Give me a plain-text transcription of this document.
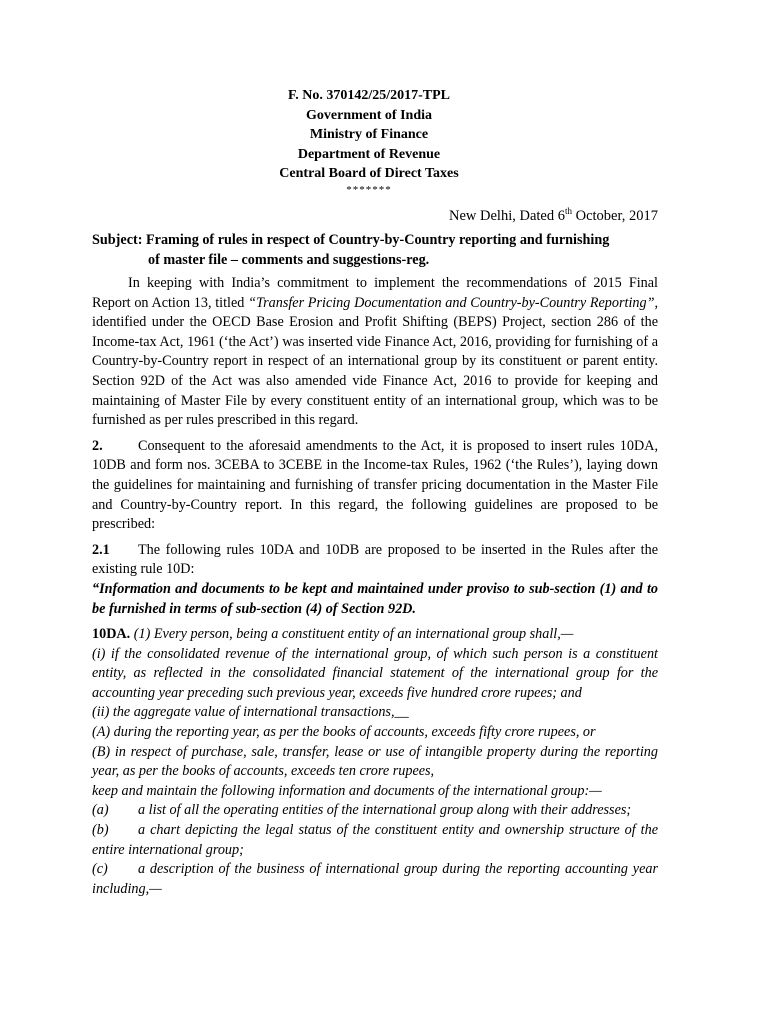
F. No. 370142/25/2017-TPL
Government of India
Ministry of Finance
Department of Revenue
Central Board of Direct Taxes
*******
New Delhi, Dated 6th October, 2017
Subject: Framing of rules in respect of Country-by-Country reporting and furnishing
of master file – comments and suggestions-reg.

In keeping with India’s commitment to implement the recommendations of 2015 Final Report on Action 13, titled “Transfer Pricing Documentation and Country-by-Country Reporting”, identified under the OECD Base Erosion and Profit Shifting (BEPS) Project, section 286 of the Income-tax Act, 1961 (‘the Act’) was inserted vide Finance Act, 2016, providing for furnishing of a Country-by-Country report in respect of an international group by its constituent or parent entity. Section 92D of the Act was also amended vide Finance Act, 2016 to provide for keeping and maintaining of Master File by every constituent entity of an international group, which was to be furnished as per rules prescribed in this regard.

2. Consequent to the aforesaid amendments to the Act, it is proposed to insert rules 10DA, 10DB and form nos. 3CEBA to 3CEBE in the Income-tax Rules, 1962 (‘the Rules’), laying down the guidelines for maintaining and furnishing of transfer pricing documentation in the Master File and Country-by-Country report. In this regard, the following guidelines are proposed to be prescribed:

2.1 The following rules 10DA and 10DB are proposed to be inserted in the Rules after the existing rule 10D:

“Information and documents to be kept and maintained under proviso to sub-section (1) and to be furnished in terms of sub-section (4) of Section 92D.
10DA. (1) Every person, being a constituent entity of an international group shall,—
(i) if the consolidated revenue of the international group, of which such person is a constituent entity, as reflected in the consolidated financial statement of the international group for the accounting year preceding such previous year, exceeds five hundred crore rupees; and
(ii) the aggregate value of international transactions,__
(A) during the reporting year, as per the books of accounts, exceeds fifty crore rupees, or
(B) in respect of purchase, sale, transfer, lease or use of intangible property during the reporting year, as per the books of accounts, exceeds ten crore rupees,
keep and maintain the following information and documents of the international group:—
(a) a list of all the operating entities of the international group along with their addresses;
(b) a chart depicting the legal status of the constituent entity and ownership structure of the entire international group;
(c) a description of the business of international group during the reporting accounting year including,—
